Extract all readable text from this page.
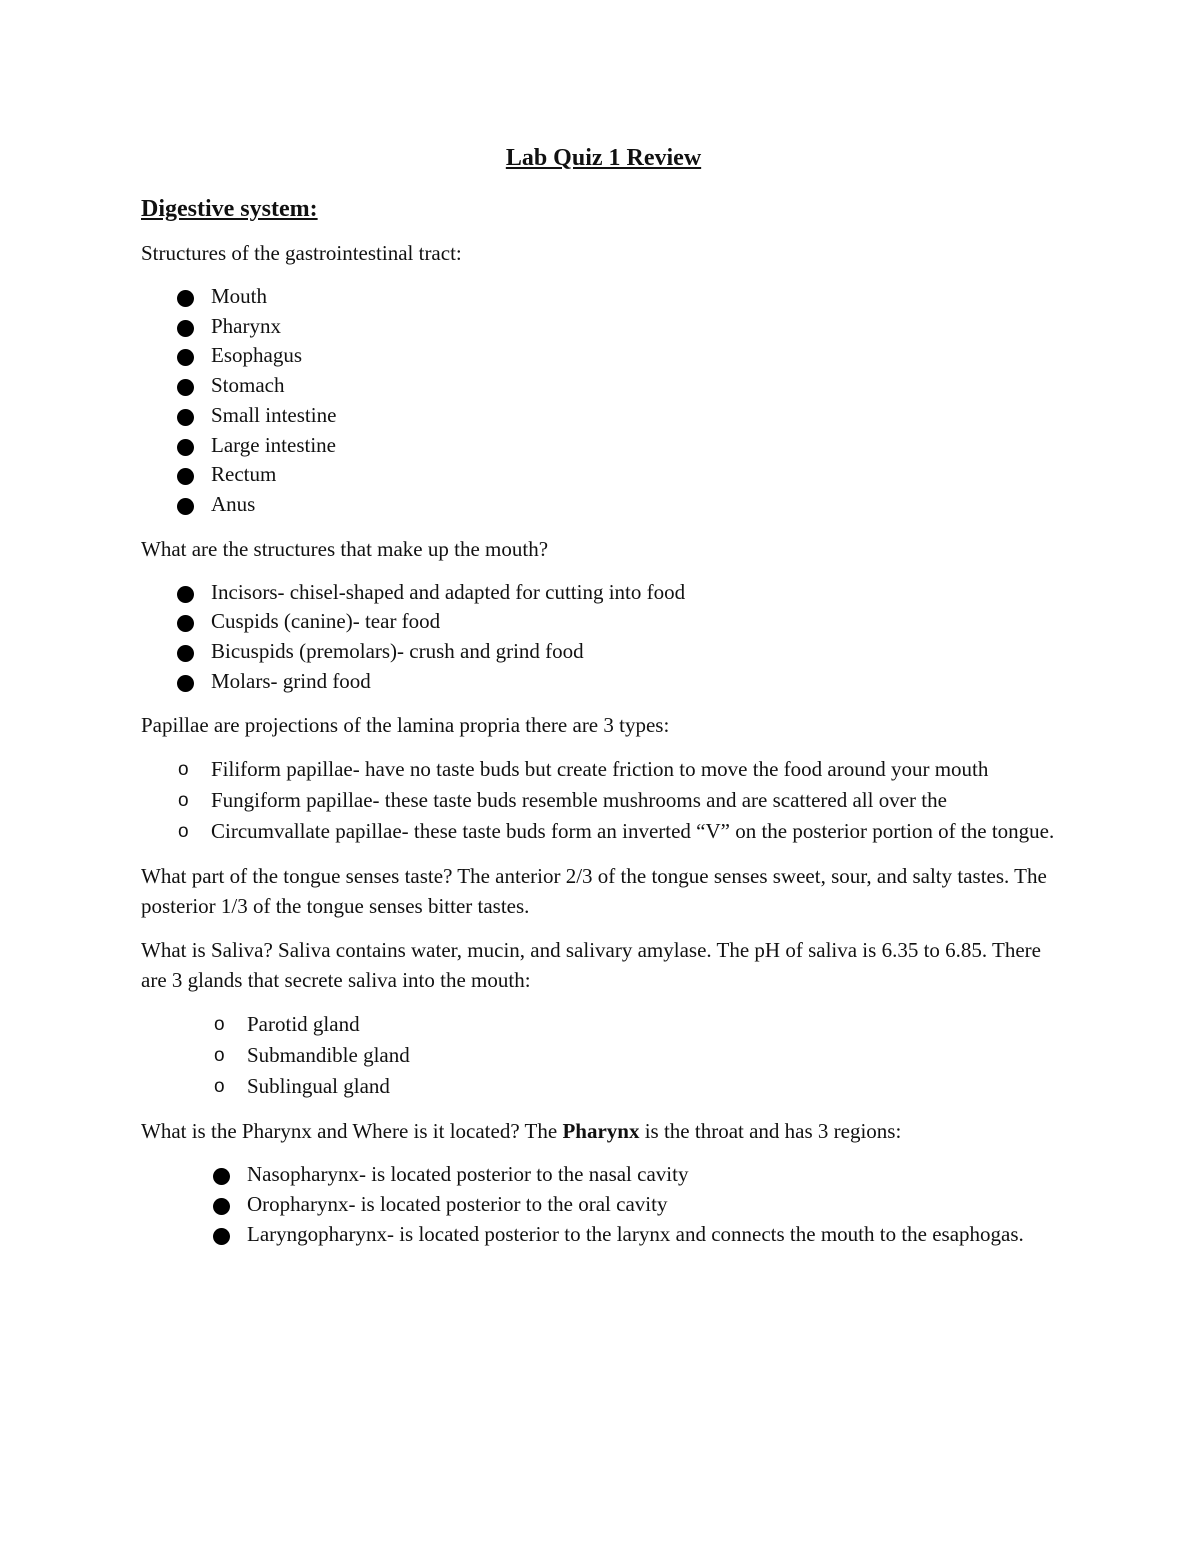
Lab Quiz 1 Review
Digestive system:

Structures of the gastrointestinal tract:

Mouth
Pharynx
Esophagus
Stomach
Small intestine
Large intestine
Rectum
Anus

What are the structures that make up the mouth?

Incisors- chisel-shaped and adapted for cutting into food
Cuspids (canine)- tear food
Bicuspids (premolars)- crush and grind food
Molars- grind food

Papillae are projections of the lamina propria there are 3 types:

o Filiform papillae- have no taste buds but create friction to move the food around your mouth
o Fungiform papillae- these taste buds resemble mushrooms and are scattered all over the
o Circumvallate papillae- these taste buds form an inverted “V” on the posterior portion of the tongue.

What part of the tongue senses taste? The anterior 2/3 of the tongue senses sweet, sour, and salty tastes. The posterior 1/3 of the tongue senses bitter tastes.

What is Saliva? Saliva contains water, mucin, and salivary amylase. The pH of saliva is 6.35 to 6.85. There are 3 glands that secrete saliva into the mouth:

o Parotid gland
o Submandible gland
o Sublingual gland

What is the Pharynx and Where is it located? The Pharynx is the throat and has 3 regions:

Nasopharynx- is located posterior to the nasal cavity
Oropharynx- is located posterior to the oral cavity
Laryngopharynx- is located posterior to the larynx and connects the mouth to the esaphogas.
